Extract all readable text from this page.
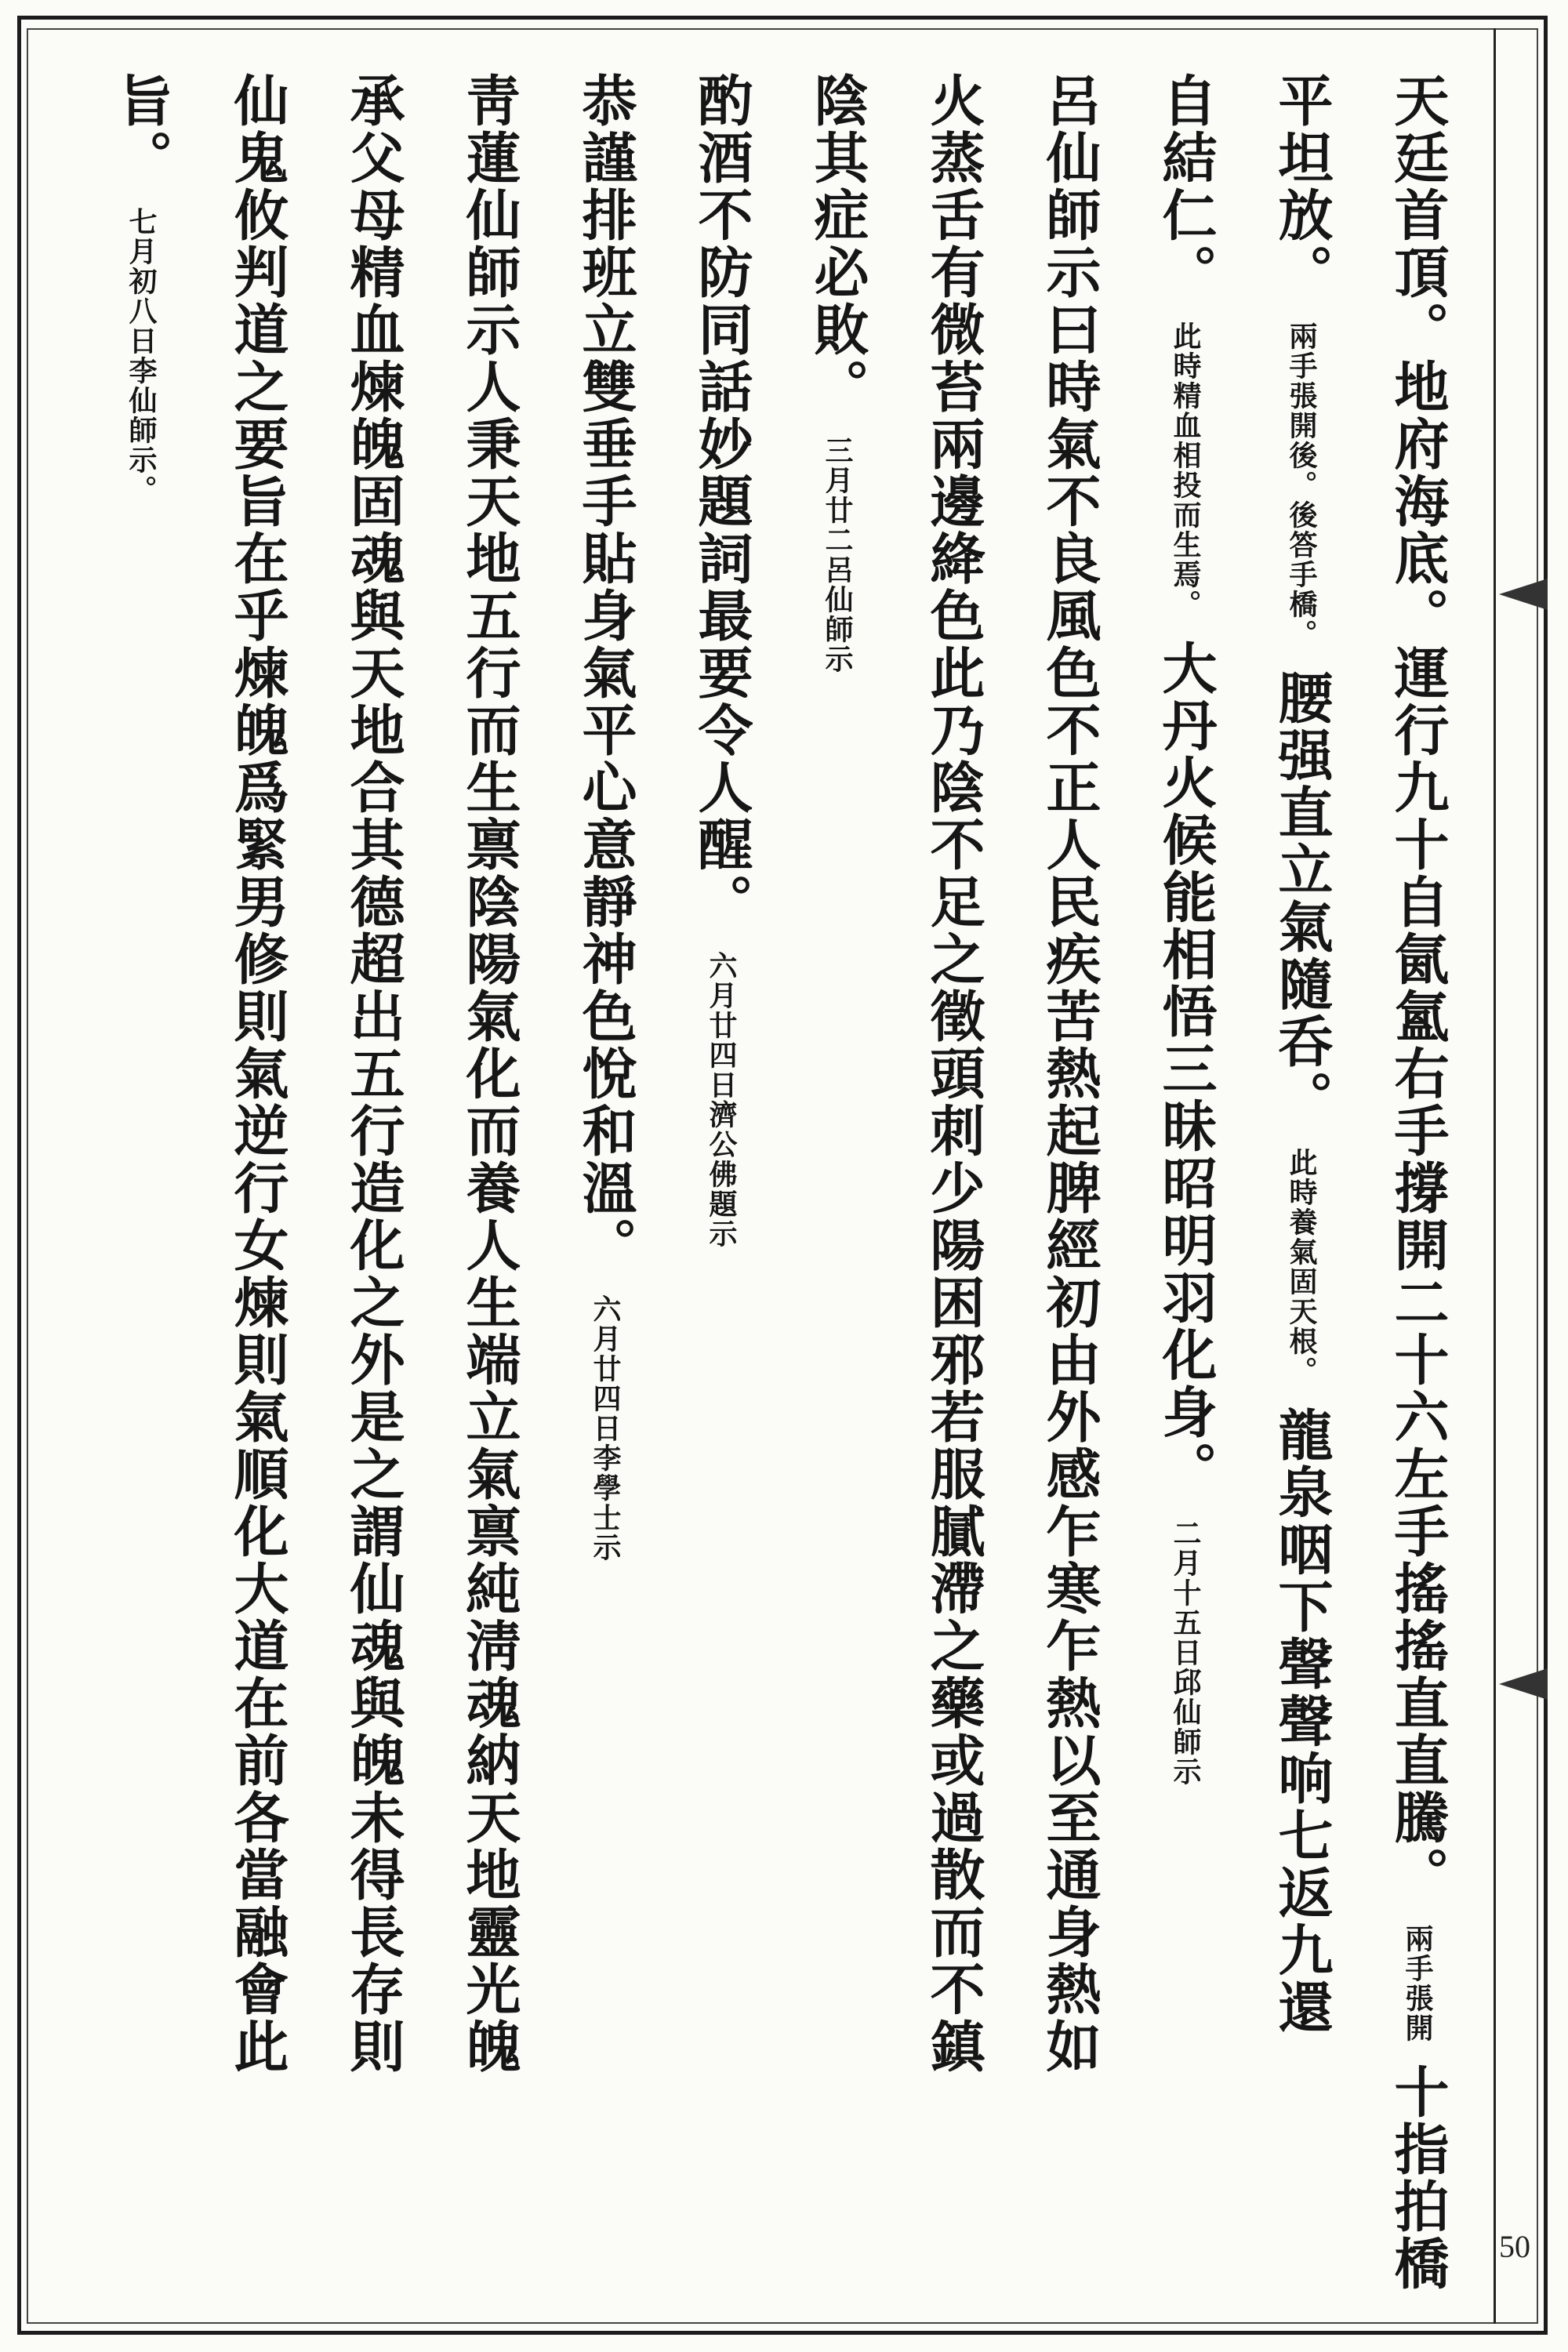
50
天廷首頂。地府海底。運行九十自氤氳右手撐開二十六左手搖搖直直騰。兩手張開十指拍橋
平坦放。兩手張開後。後答手橋。腰强直立氣隨呑。此時養氣固天根。龍泉咽下聲聲响七返九還
自結仁。此時精血相投而生焉。大丹火候能相悟三昧昭明羽化身。二月十五日邱仙師示
呂仙師示曰時氣不良風色不正人民疾苦熱起脾經初由外感乍寒乍熱以至通身熱如
火蒸舌有微苔兩邊絳色此乃陰不足之徵頭刺少陽困邪若服膩滯之藥或過散而不鎮
陰其症必敗。三月廿二呂仙師示
酌酒不防同話妙題詞最要令人醒。六月廿四日濟公佛題示
恭謹排班立雙垂手貼身氣平心意靜神色悅和溫。六月廿四日李學士示
靑蓮仙師示人秉天地五行而生禀陰陽氣化而養人生端立氣禀純淸魂納天地靈光魄
承父母精血煉魄固魂與天地合其德超出五行造化之外是之謂仙魂與魄未得長存則
仙鬼攸判道之要旨在乎煉魄爲緊男修則氣逆行女煉則氣順化大道在前各當融會此
旨。七月初八日李仙師示。
